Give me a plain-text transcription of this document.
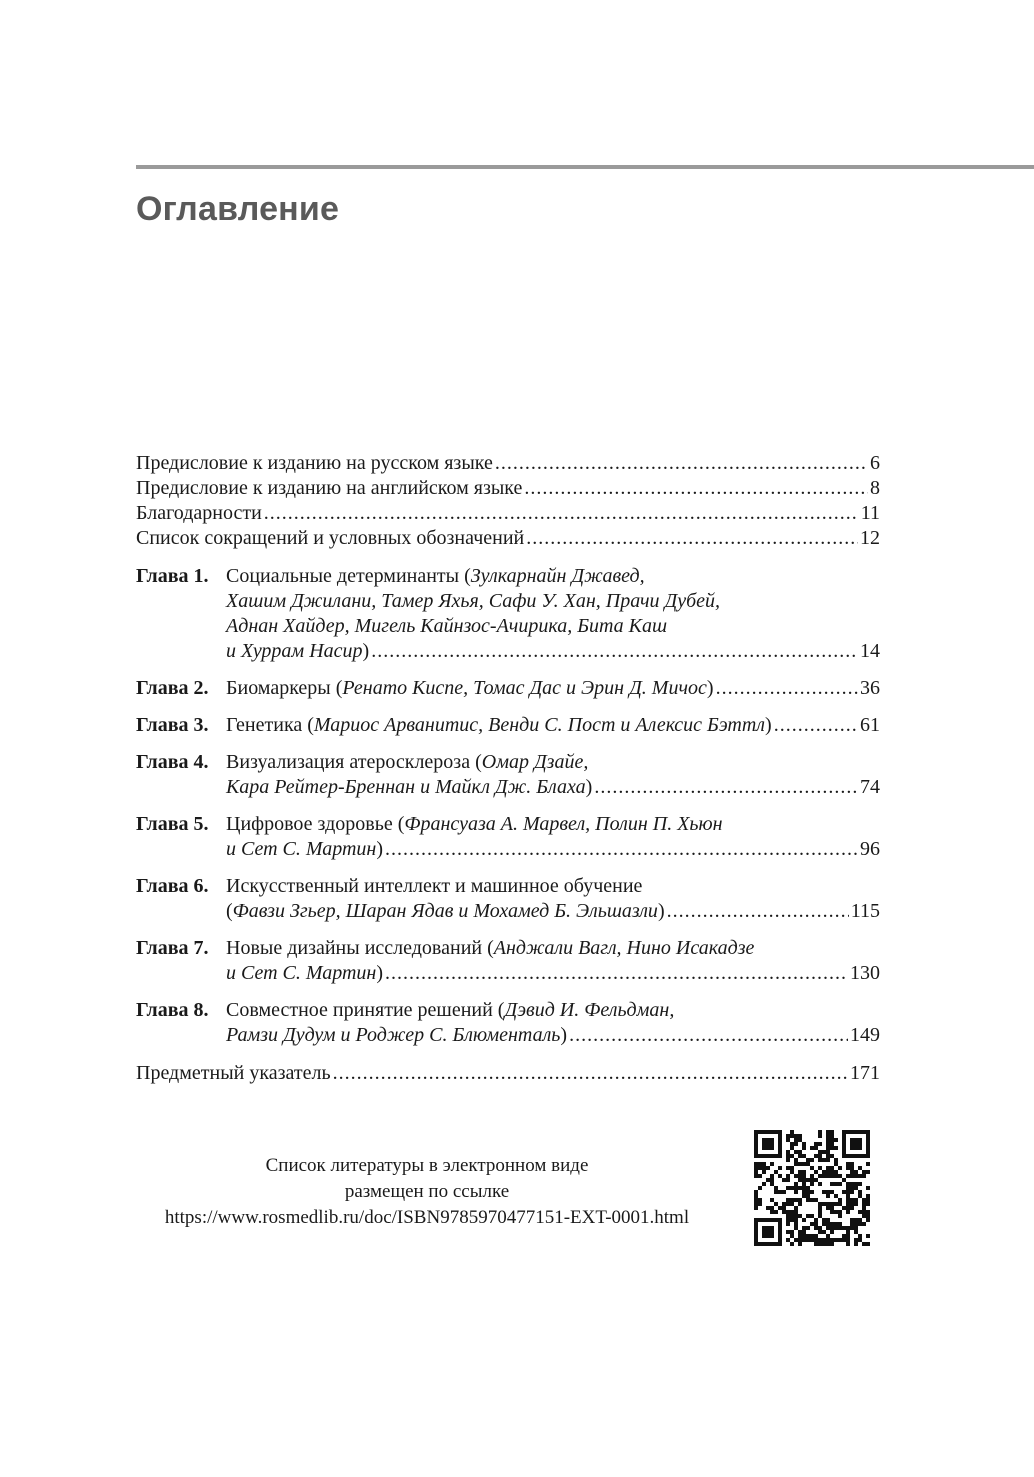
Оглавление
Предисловие к изданию на русском языке .....	6
Предисловие к изданию на английском языке .....	8
Благодарности .....	11
Список сокращений и условных обозначений .....	12
Глава 1. Социальные детерминанты ( Зулкарнайн Джавед,
Хашим Джилани, Тамер Яхья, Сафи У. Хан, Прачи Дубей,
Аднан Хайдер, Мигель Кайнзос-Ачирика, Бита Каш
и Хуррам Насир ) .....	14
Глава 2. Биомаркеры ( Ренато Киспе, Томас Дас и Эрин Д. Мичос ) .....	36
Глава 3. Генетика ( Мариос Арванитис, Венди С. Пост и Алексис Бэттл ) .....	61
Глава 4. Визуализация атеросклероза ( Омар Дзайе,
Кара Рейтер-Бреннан и Майкл Дж. Блаха ) .....	74
Глава 5. Цифровое здоровье ( Франсуаза А. Марвел, Полин П. Хьюн
и Сет С. Мартин ) .....	96
Глава 6. Искусственный интеллект и машинное обучение
( Фавзи Згьер, Шаран Ядав и Мохамед Б. Эльшазли ) .....	115
Глава 7. Новые дизайны исследований ( Анджали Вагл, Нино Исакадзе
и Сет С. Мартин ) .....	130
Глава 8. Совместное принятие решений ( Дэвид И. Фельдман,
Рамзи Дудум и Роджер С. Блюменталь ) .....	149
Предметный указатель .....	171
Список литературы в электронном виде
размещен по ссылке
https://www.rosmedlib.ru/doc/ISBN9785970477151-EXT-0001.html
